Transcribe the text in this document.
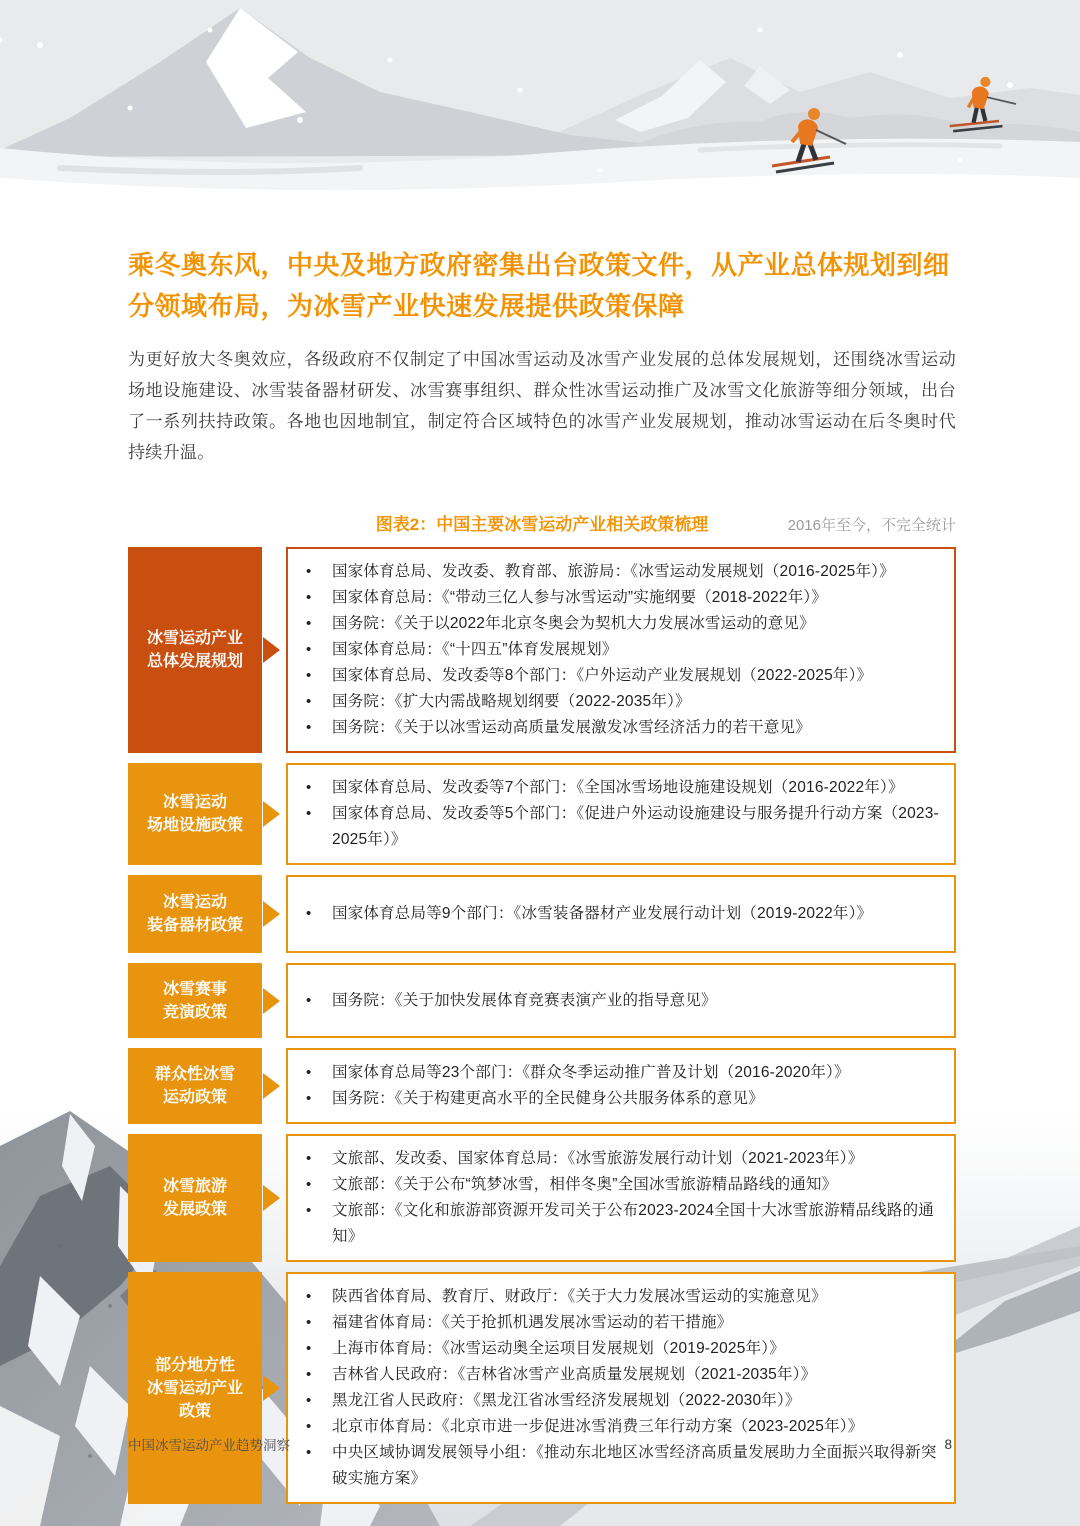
乘冬奥东风，中央及地方政府密集出台政策文件，从产业总体规划到细分领域布局，为冰雪产业快速发展提供政策保障

为更好放大冬奥效应，各级政府不仅制定了中国冰雪运动及冰雪产业发展的总体发展规划，还围绕冰雪运动场地设施建设、冰雪装备器材研发、冰雪赛事组织、群众性冰雪运动推广及冰雪文化旅游等细分领域，出台了一系列扶持政策。各地也因地制宜，制定符合区域特色的冰雪产业发展规划，推动冰雪运动在后冬奥时代持续升温。

图表2：中国主要冰雪运动产业相关政策梳理	2016年至今，不完全统计
冰雪运动产业
总体发展规划
• 国家体育总局、发改委、教育部、旅游局：《冰雪运动发展规划（2016-2025年）》
• 国家体育总局：《“带动三亿人参与冰雪运动”实施纲要（2018-2022年）》
• 国务院：《关于以2022年北京冬奥会为契机大力发展冰雪运动的意见》
• 国家体育总局：《“十四五”体育发展规划》
• 国家体育总局、发改委等8个部门：《户外运动产业发展规划（2022-2025年）》
• 国务院：《扩大内需战略规划纲要（2022-2035年）》
• 国务院：《关于以冰雪运动高质量发展激发冰雪经济活力的若干意见》
冰雪运动
场地设施政策
• 国家体育总局、发改委等7个部门：《全国冰雪场地设施建设规划（2016-2022年）》
• 国家体育总局、发改委等5个部门：《促进户外运动设施建设与服务提升行动方案（2023-2025年）》
冰雪运动
装备器材政策
• 国家体育总局等9个部门：《冰雪装备器材产业发展行动计划（2019-2022年）》
冰雪赛事
竞演政策
• 国务院：《关于加快发展体育竞赛表演产业的指导意见》
群众性冰雪
运动政策
• 国家体育总局等23个部门：《群众冬季运动推广普及计划（2016-2020年）》
• 国务院：《关于构建更高水平的全民健身公共服务体系的意见》
冰雪旅游
发展政策
• 文旅部、发改委、国家体育总局：《冰雪旅游发展行动计划（2021-2023年）》
• 文旅部：《关于公布“筑梦冰雪，相伴冬奥”全国冰雪旅游精品路线的通知》
• 文旅部：《文化和旅游部资源开发司关于公布2023-2024全国十大冰雪旅游精品线路的通知》
部分地方性
冰雪运动产业
政策
• 陕西省体育局、教育厅、财政厅：《关于大力发展冰雪运动的实施意见》
• 福建省体育局：《关于抢抓机遇发展冰雪运动的若干措施》
• 上海市体育局：《冰雪运动奥全运项目发展规划（2019-2025年）》
• 吉林省人民政府：《吉林省冰雪产业高质量发展规划（2021-2035年）》
• 黑龙江省人民政府：《黑龙江省冰雪经济发展规划（2022-2030年）》
• 北京市体育局：《北京市进一步促进冰雪消费三年行动方案（2023-2025年）》
• 中央区域协调发展领导小组：《推动东北地区冰雪经济高质量发展助力全面振兴取得新突破实施方案》
中国冰雪运动产业趋势洞察	8
